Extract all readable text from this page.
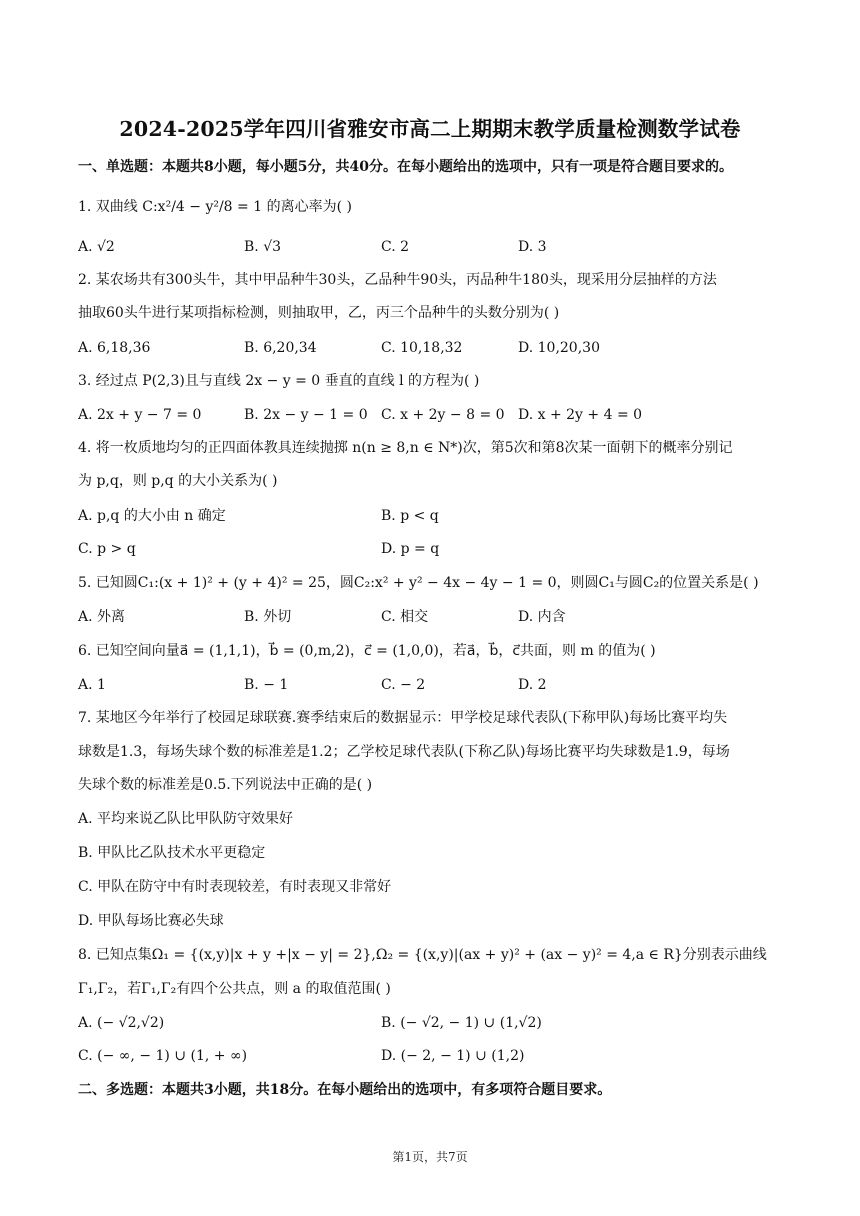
2024-2025学年四川省雅安市高二上期期末教学质量检测数学试卷
一、单选题：本题共8小题，每小题5分，共40分。在每小题给出的选项中，只有一项是符合题目要求的。
1. 双曲线 C:x²/4 − y²/8 = 1 的离心率为( )
A. √2	B. √3	C. 2	D. 3
2. 某农场共有300头牛，其中甲品种牛30头，乙品种牛90头，丙品种牛180头，现采用分层抽样的方法
抽取60头牛进行某项指标检测，则抽取甲，乙，丙三个品种牛的头数分别为( )
A. 6,18,36	B. 6,20,34	C. 10,18,32	D. 10,20,30
3. 经过点 P(2,3)且与直线 2x − y = 0 垂直的直线 l 的方程为( )
A. 2x + y − 7 = 0	B. 2x − y − 1 = 0 C. x + 2y − 8 = 0 D. x + 2y + 4 = 0
4. 将一枚质地均匀的正四面体教具连续抛掷 n(n ≥ 8,n ∈ N*)次，第5次和第8次某一面朝下的概率分别记
为 p,q，则 p,q 的大小关系为( )
A. p,q 的大小由 n 确定	B. p < q
C. p > q	D. p = q
5. 已知圆C₁:(x + 1)² + (y + 4)² = 25，圆C₂:x² + y² − 4x − 4y − 1 = 0，则圆C₁与圆C₂的位置关系是( )
A. 外离	B. 外切	C. 相交	D. 内含
6. 已知空间向量a⃗ = (1,1,1)，b⃗ = (0,m,2)，c⃗ = (1,0,0)，若a⃗，b⃗，c⃗共面，则 m 的值为( )
A. 1	B. − 1	C. − 2	D. 2
7. 某地区今年举行了校园足球联赛.赛季结束后的数据显示：甲学校足球代表队(下称甲队)每场比赛平均失
球数是1.3，每场失球个数的标准差是1.2；乙学校足球代表队(下称乙队)每场比赛平均失球数是1.9，每场
失球个数的标准差是0.5.下列说法中正确的是( )
A. 平均来说乙队比甲队防守效果好
B. 甲队比乙队技术水平更稳定
C. 甲队在防守中有时表现较差，有时表现又非常好
D. 甲队每场比赛必失球
8. 已知点集Ω₁ = {(x,y)|x + y +|x − y| = 2},Ω₂ = {(x,y)|(ax + y)² + (ax − y)² = 4,a ∈ R}分别表示曲线
Γ₁,Γ₂，若Γ₁,Γ₂有四个公共点，则 a 的取值范围( )
A. (− √2,√2)	B. (− √2, − 1) ∪ (1,√2)
C. (− ∞, − 1) ∪ (1, + ∞)	D. (− 2, − 1) ∪ (1,2)
二、多选题：本题共3小题，共18分。在每小题给出的选项中，有多项符合题目要求。
第1页，共7页
